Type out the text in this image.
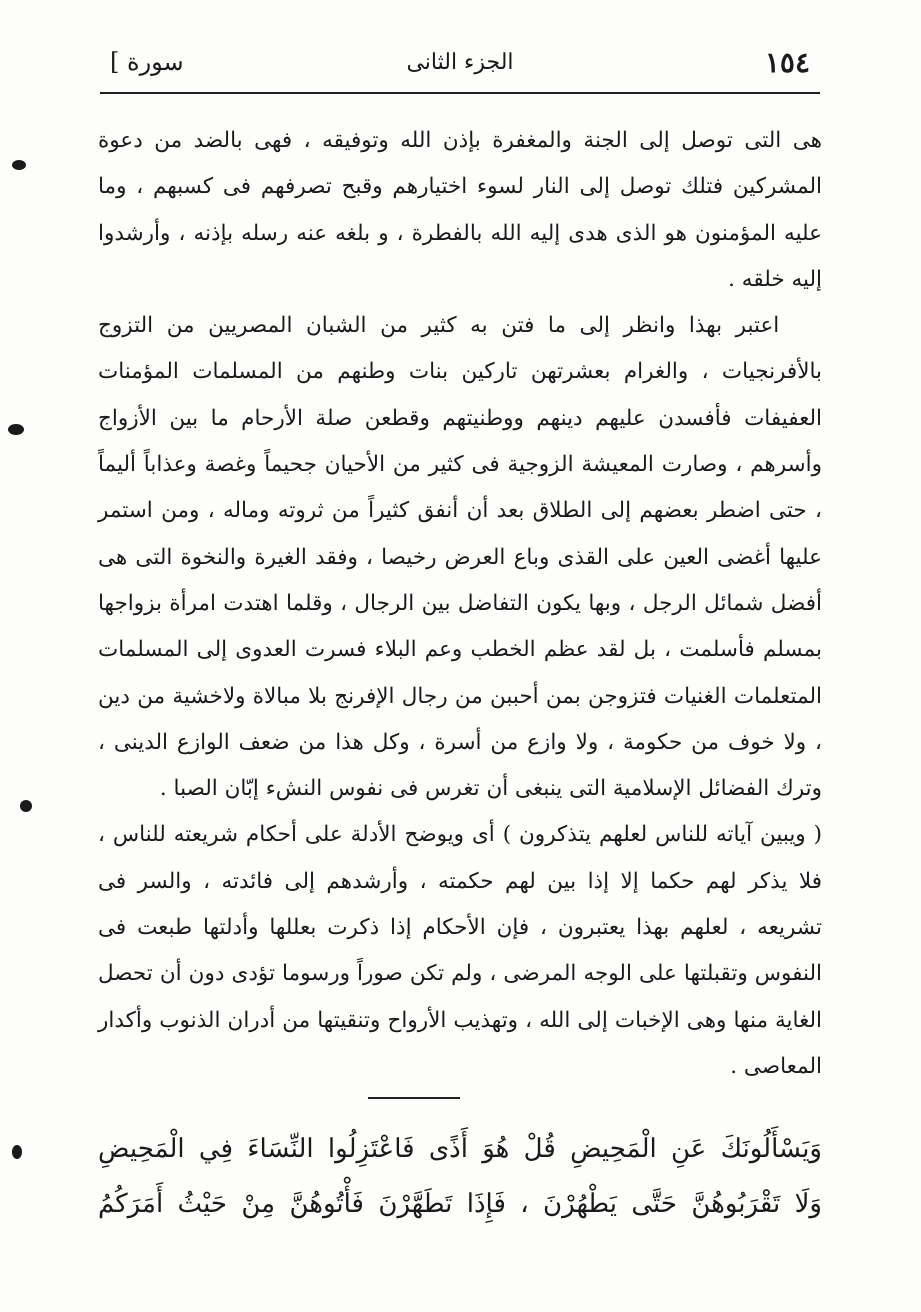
١٥٤
الجزء الثانى
سورة ]

هى التى توصل إلى الجنة والمغفرة بإذن الله وتوفيقه ، فهى بالضد من دعوة المشركين فتلك توصل إلى النار لسوء اختيارهم وقبح تصرفهم فى كسبهم ، وما عليه المؤمنون هو الذى هدى إليه الله بالفطرة ، و بلغه عنه رسله بإذنه ، وأرشدوا إليه خلقه .

اعتبر بهذا وانظر إلى ما فتن به كثير من الشبان المصريين من التزوج بالأفرنجيات ، والغرام بعشرتهن تاركين بنات وطنهم من المسلمات المؤمنات العفيفات فأفسدن عليهم دينهم ووطنيتهم وقطعن صلة الأرحام ما بين الأزواج وأسرهم ، وصارت المعيشة الزوجية فى كثير من الأحيان جحيماً وغصة وعذاباً أليماً ، حتى اضطر بعضهم إلى الطلاق بعد أن أنفق كثيراً من ثروته وماله ، ومن استمر عليها أغضى العين على القذى وباع العرض رخيصا ، وفقد الغيرة والنخوة التى هى أفضل شمائل الرجل ، وبها يكون التفاضل بين الرجال ، وقلما اهتدت امرأة بزواجها بمسلم فأسلمت ، بل لقد عظم الخطب وعم البلاء فسرت العدوى إلى المسلمات المتعلمات الغنيات فتزوجن بمن أحببن من رجال الإفرنج بلا مبالاة ولاخشية من دين ، ولا خوف من حكومة ، ولا وازع من أسرة ، وكل هذا من ضعف الوازع الدينى ، وترك الفضائل الإسلامية التى ينبغى أن تغرس فى نفوس النشء إبّان الصبا .

( ويبين آياته للناس لعلهم يتذكرون ) أى ويوضح الأدلة على أحكام شريعته للناس ، فلا يذكر لهم حكما إلا إذا بين لهم حكمته ، وأرشدهم إلى فائدته ، والسر فى تشريعه ، لعلهم بهذا يعتبرون ، فإن الأحكام إذا ذكرت بعللها وأدلتها طبعت فى النفوس وتقبلتها على الوجه المرضى ، ولم تكن صوراً ورسوما تؤدى دون أن تحصل الغاية منها وهى الإخبات إلى الله ، وتهذيب الأرواح وتنقيتها من أدران الذنوب وأكدار المعاصى .

وَيَسْأَلُونَكَ عَنِ الْمَحِيضِ قُلْ هُوَ أَذًى فَاعْتَزِلُوا النِّسَاءَ فِي الْمَحِيضِ

وَلَا تَقْرَبُوهُنَّ حَتَّى يَطْهُرْنَ ، فَإِذَا تَطَهَّرْنَ فَأْتُوهُنَّ مِنْ حَيْثُ أَمَرَكُمُ
